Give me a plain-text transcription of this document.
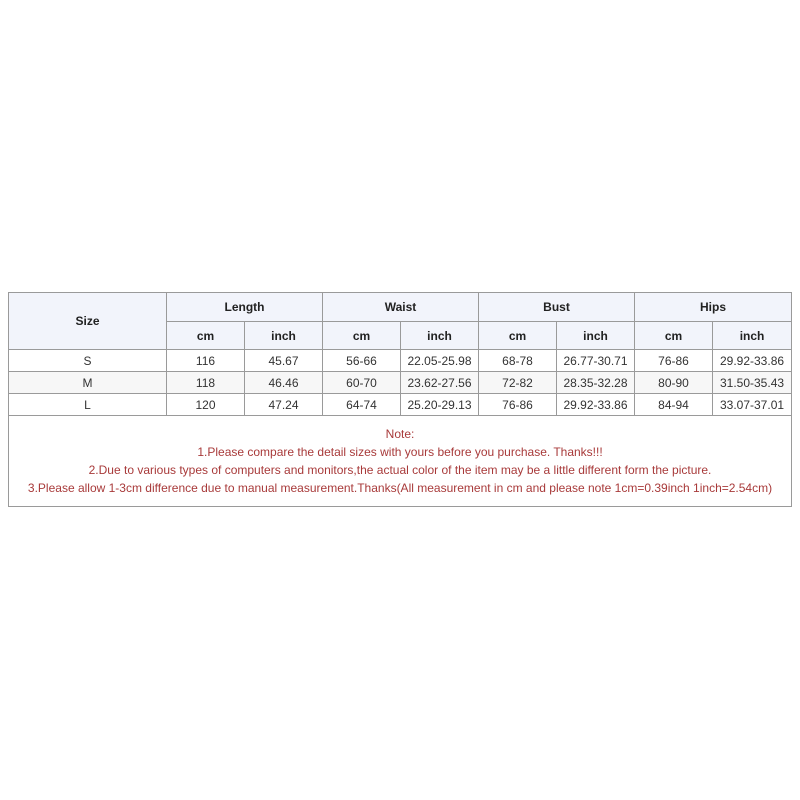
Size	Length		Waist		Bust		Hips	
	cm	inch	cm	inch	cm	inch	cm	inch
S	116	45.67	56-66	22.05-25.98	68-78	26.77-30.71	76-86	29.92-33.86
M	118	46.46	60-70	23.62-27.56	72-82	28.35-32.28	80-90	31.50-35.43
L	120	47.24	64-74	25.20-29.13	76-86	29.92-33.86	84-94	33.07-37.01

Note:
1.Please compare the detail sizes with yours before you purchase. Thanks!!!
2.Due to various types of computers and monitors,the actual color of the item may be a little different form the picture.
3.Please allow 1-3cm difference due to manual measurement.Thanks(All measurement in cm and please note 1cm=0.39inch 1inch=2.54cm)								
